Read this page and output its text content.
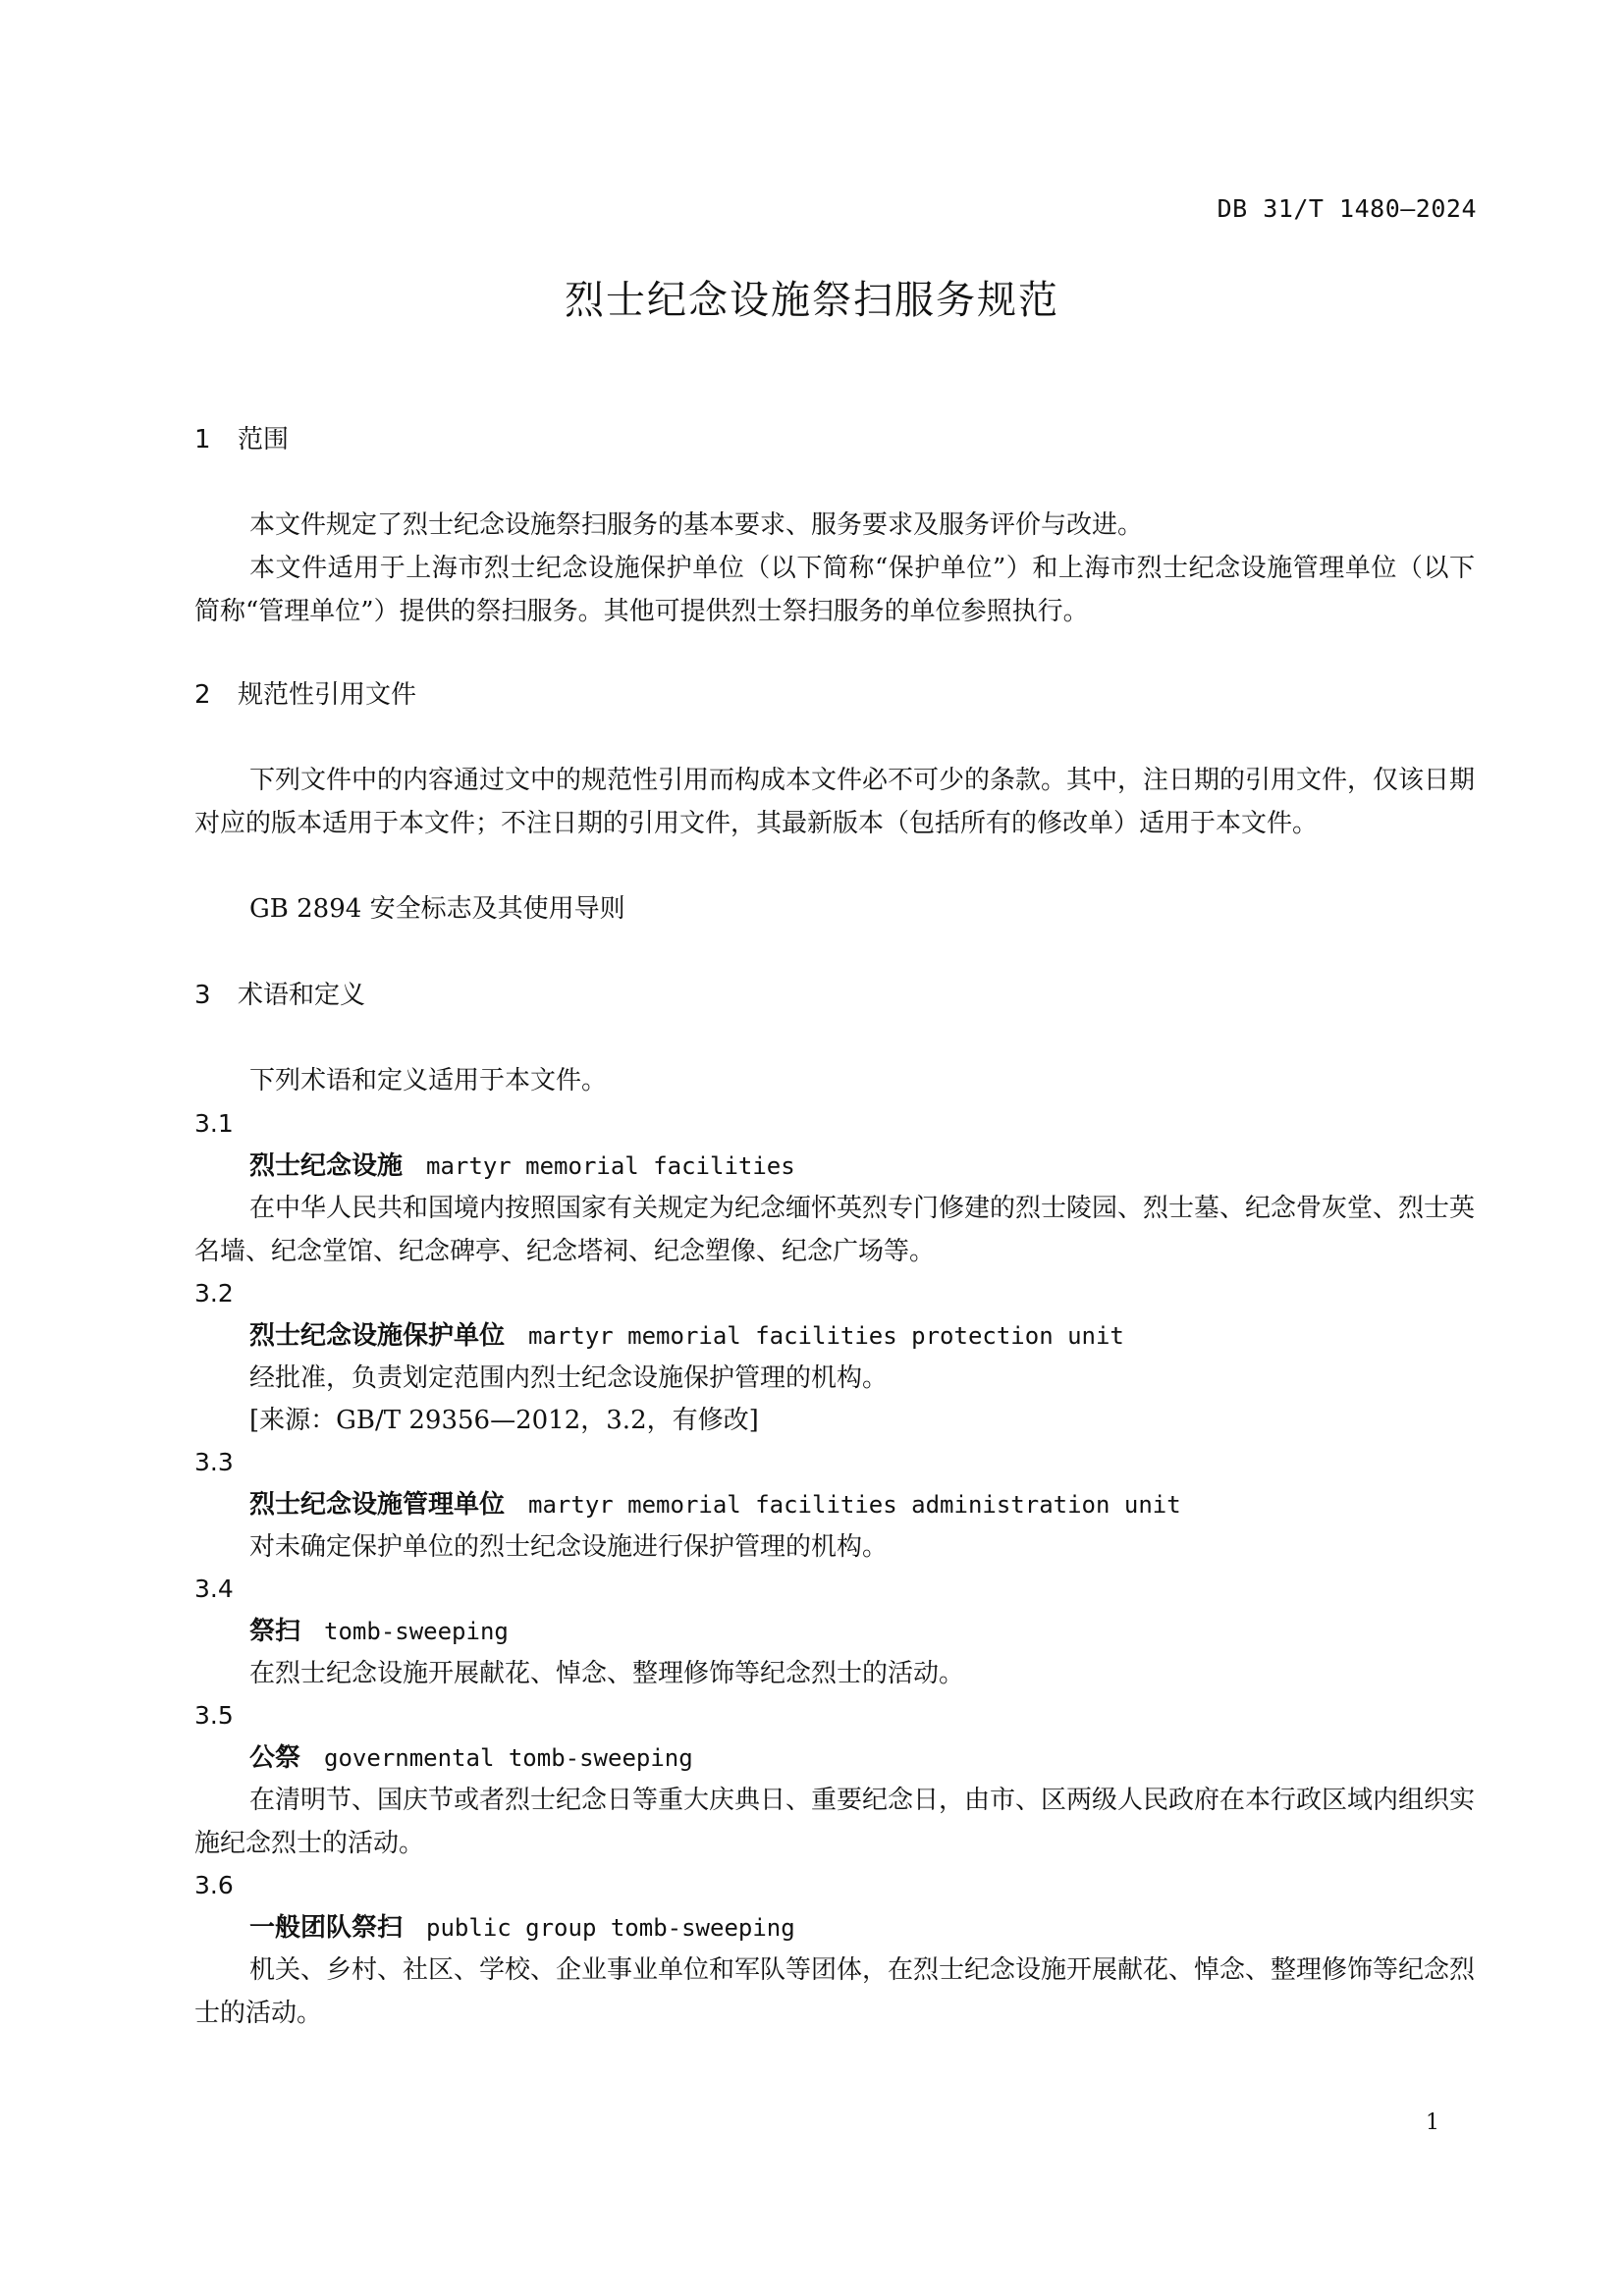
DB 31/T 1480—2024
烈士纪念设施祭扫服务规范
1 范围
本文件规定了烈士纪念设施祭扫服务的基本要求、服务要求及服务评价与改进。
本文件适用于上海市烈士纪念设施保护单位（以下简称“保护单位”）和上海市烈士纪念设施管理单位（以下简称“管理单位”）提供的祭扫服务。其他可提供烈士祭扫服务的单位参照执行。
2 规范性引用文件
下列文件中的内容通过文中的规范性引用而构成本文件必不可少的条款。其中，注日期的引用文件，仅该日期对应的版本适用于本文件；不注日期的引用文件，其最新版本（包括所有的修改单）适用于本文件。
GB 2894 安全标志及其使用导则
3 术语和定义
下列术语和定义适用于本文件。
3.1
烈士纪念设施 martyr memorial facilities
在中华人民共和国境内按照国家有关规定为纪念缅怀英烈专门修建的烈士陵园、烈士墓、纪念骨灰堂、烈士英名墙、纪念堂馆、纪念碑亭、纪念塔祠、纪念塑像、纪念广场等。
3.2
烈士纪念设施保护单位 martyr memorial facilities protection unit
经批准，负责划定范围内烈士纪念设施保护管理的机构。
[来源：GB/T 29356—2012，3.2，有修改]
3.3
烈士纪念设施管理单位 martyr memorial facilities administration unit
对未确定保护单位的烈士纪念设施进行保护管理的机构。
3.4
祭扫 tomb-sweeping
在烈士纪念设施开展献花、悼念、整理修饰等纪念烈士的活动。
3.5
公祭 governmental tomb-sweeping
在清明节、国庆节或者烈士纪念日等重大庆典日、重要纪念日，由市、区两级人民政府在本行政区域内组织实施纪念烈士的活动。
3.6
一般团队祭扫 public group tomb-sweeping
机关、乡村、社区、学校、企业事业单位和军队等团体，在烈士纪念设施开展献花、悼念、整理修饰等纪念烈士的活动。
1
